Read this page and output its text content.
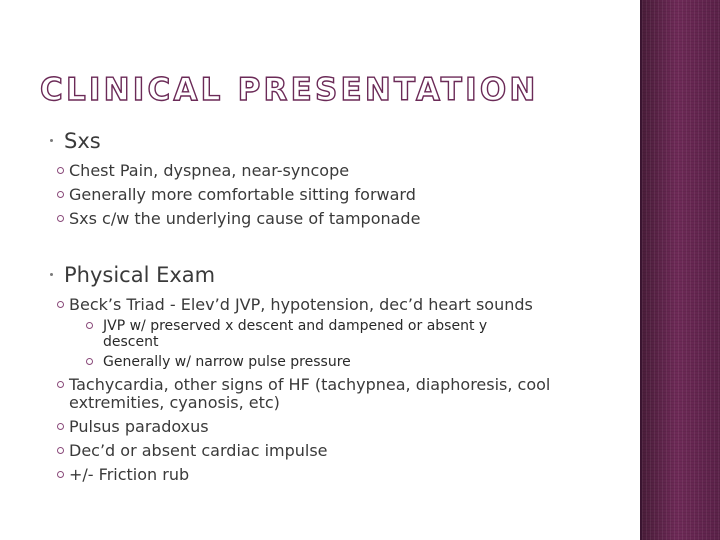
CLINICAL PRESENTATION
Sxs
Chest Pain, dyspnea, near-syncope
Generally more comfortable sitting forward
Sxs c/w the underlying cause of tamponade
Physical Exam
Beck’s Triad - Elev’d JVP, hypotension, dec’d heart sounds
JVP w/ preserved x descent and dampened or absent y descent
Generally w/ narrow pulse pressure
Tachycardia, other signs of HF (tachypnea, diaphoresis, cool extremities, cyanosis, etc)
Pulsus paradoxus
Dec’d or absent cardiac impulse
+/- Friction rub
